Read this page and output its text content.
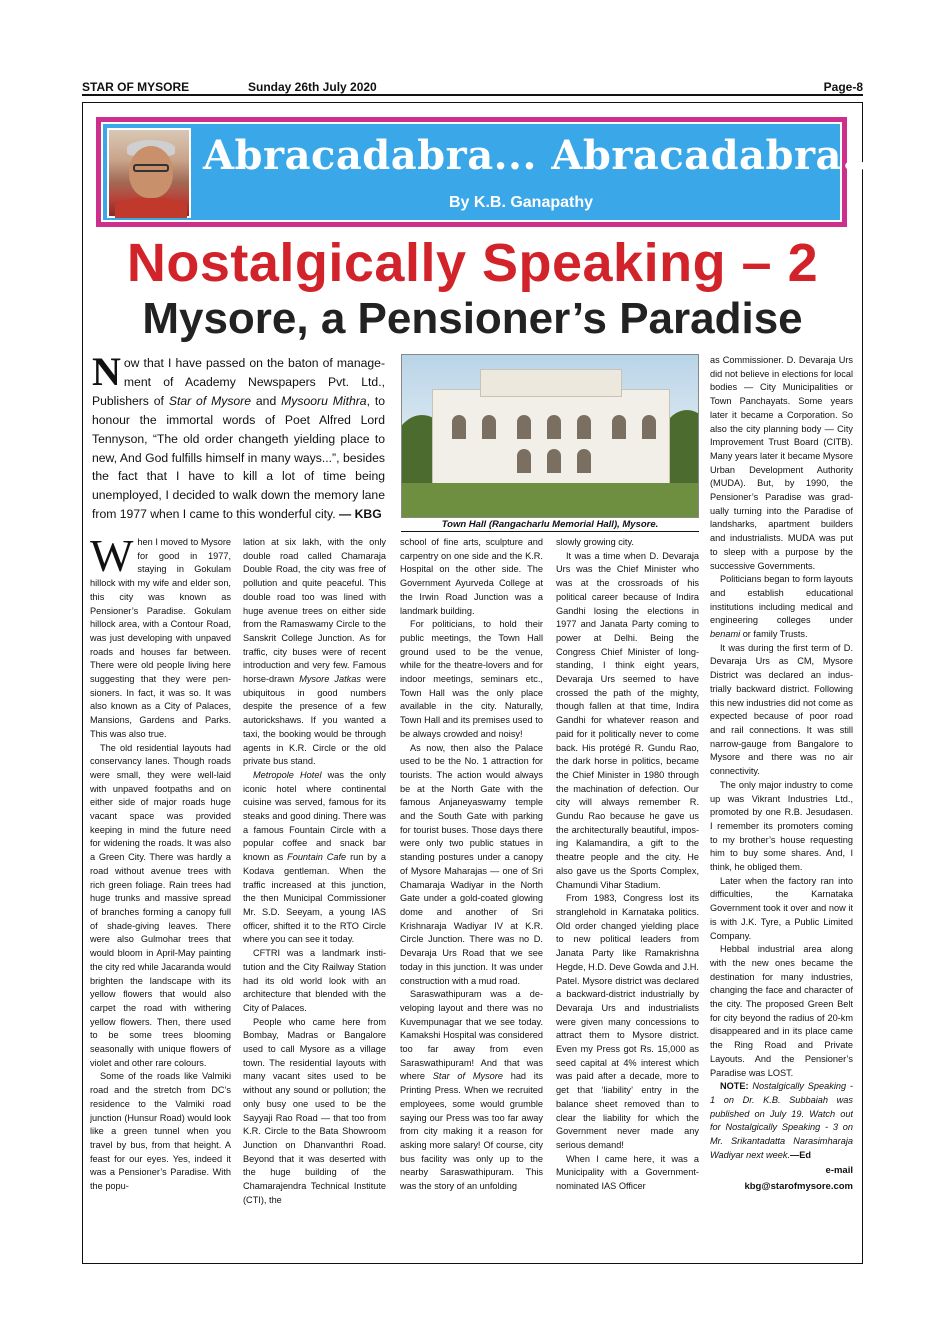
STAR OF MYSORE	Sunday 26th July 2020	Page-8
Abracadabra... Abracadabra...
By K.B. Ganapathy
Nostalgically Speaking – 2
Mysore, a Pensioner’s Paradise
Now that I have passed on the baton of management of Academy Newspapers Pvt. Ltd., Publishers of Star of Mysore and Mysooru Mithra, to honour the immortal words of Poet Alfred Lord Tennyson, “The old order changeth yielding place to new, And God fulfills himself in many ways...”, besides the fact that I have to kill a lot of time being unemployed, I decided to walk down the memory lane from 1977 when I came to this wonderful city. — KBG
Town Hall (Rangacharlu Memorial Hall), Mysore.

When I moved to Mysore for good in 1977, staying in Gokulam hillock with my wife and elder son, this city was known as Pensioner’s Paradise. Gokulam hillock area, with a Contour Road, was just developing with unpaved roads and houses far between. There were old people living here suggesting that they were pensioners. In fact, it was so. It was also known as a City of Palaces, Mansions, Gardens and Parks. This was also true.

The old residential layouts had conservancy lanes. Though roads were small, they were well-laid with unpaved footpaths and on either side of major roads huge vacant space was provided keeping in mind the future need for widening the roads. It was also a Green City. There was hardly a road without avenue trees with rich green foliage. Rain trees had huge trunks and massive spread of branches forming a canopy full of shade-giving leaves. There were also Gulmohar trees that would bloom in April-May painting the city red while Jacaranda would brighten the landscape with its yellow flowers that would also carpet the road with withering yellow flowers. Then, there used to be some trees blooming seasonally with unique flowers of violet and other rare colours.

Some of the roads like Valmiki road and the stretch from DC’s residence to the Valmiki road junction (Hunsur Road) would look like a green tunnel when you travel by bus, from that height. A feast for our eyes. Yes, indeed it was a Pensioner’s Paradise. With the popu-

lation at six lakh, with the only double road called Chamaraja Double Road, the city was free of pollution and quite peaceful. This double road too was lined with huge avenue trees on either side from the Ramaswamy Circle to the Sanskrit College Junction. As for traffic, city buses were of recent introduction and very few. Famous horse-drawn Mysore Jatkas were ubiquitous in good numbers despite the presence of a few autorickshaws. If you wanted a taxi, the booking would be through agents in K.R. Circle or the old private bus stand.

Metropole Hotel was the only iconic hotel where continental cuisine was served, famous for its steaks and good dining. There was a famous Fountain Circle with a popular coffee and snack bar known as Fountain Cafe run by a Kodava gentleman. When the traffic increased at this junction, the then Municipal Commissioner Mr. S.D. Seeyam, a young IAS officer, shifted it to the RTO Circle where you can see it today.

CFTRI was a landmark institution and the City Railway Station had its old world look with an architecture that blended with the City of Palaces.

People who came here from Bombay, Madras or Bangalore used to call Mysore as a village town. The residential layouts with many vacant sites used to be without any sound or pollution; the only busy one used to be the Sayyaji Rao Road — that too from K.R. Circle to the Bata Showroom Junction on Dhanvanthri Road. Beyond that it was deserted with the huge building of the Chamarajendra Technical Institute (CTI), the

school of fine arts, sculpture and carpentry on one side and the K.R. Hospital on the other side. The Government Ayurveda College at the Irwin Road Junction was a landmark building.

For politicians, to hold their public meetings, the Town Hall ground used to be the venue, while for the theatre-lovers and for indoor meetings, seminars etc., Town Hall was the only place available in the city. Naturally, Town Hall and its premises used to be always crowded and noisy!

As now, then also the Palace used to be the No. 1 attraction for tourists. The action would always be at the North Gate with the famous Anjaneyaswamy temple and the South Gate with parking for tourist buses. Those days there were only two public statues in standing postures under a canopy of Mysore Maharajas — one of Sri Chamaraja Wadiyar in the North Gate under a gold-coated glowing dome and another of Sri Krishnaraja Wadiyar IV at K.R. Circle Junction. There was no D. Devaraja Urs Road that we see today in this junction. It was under construction with a mud road.

Saraswathipuram was a developing layout and there was no Kuvempunagar that we see today. Kamakshi Hospital was considered too far away from even Saraswathipuram! And that was where Star of Mysore had its Printing Press. When we recruited employees, some would grumble saying our Press was too far away from city making it a reason for asking more salary! Of course, city bus facility was only up to the nearby Saraswathipuram. This was the story of an unfolding

slowly growing city.

It was a time when D. Devaraja Urs was the Chief Minister who was at the crossroads of his political career because of Indira Gandhi losing the elections in 1977 and Janata Party coming to power at Delhi. Being the Congress Chief Minister of long-standing, I think eight years, Devaraja Urs seemed to have crossed the path of the mighty, though fallen at that time, Indira Gandhi for whatever reason and paid for it politically never to come back. His protégé R. Gundu Rao, the dark horse in politics, became the Chief Minister in 1980 through the machination of defection. Our city will always remember R. Gundu Rao because he gave us the architecturally beautiful, imposing Kalamandira, a gift to the theatre people and the city. He also gave us the Sports Complex, Chamundi Vihar Stadium.

From 1983, Congress lost its stranglehold in Karnataka politics. Old order changed yielding place to new political leaders from Janata Party like Ramakrishna Hegde, H.D. Deve Gowda and J.H. Patel. Mysore district was declared a backward-district industrially by Devaraja Urs and industrialists were given many concessions to attract them to Mysore district. Even my Press got Rs. 15,000 as seed capital at 4% interest which was paid after a decade, more to get that ‘liability’ entry in the balance sheet removed than to clear the liability for which the Government never made any serious demand!

When I came here, it was a Municipality with a Government-nominated IAS Officer

as Commissioner. D. Devaraja Urs did not believe in elections for local bodies — City Municipalities or Town Panchayats. Some years later it became a Corporation. So also the city planning body — City Improvement Trust Board (CITB). Many years later it became Mysore Urban Development Authority (MUDA). But, by 1990, the Pensioner’s Paradise was gradually turning into the Paradise of landsharks, apartment builders and industrialists. MUDA was put to sleep with a purpose by the successive Governments.

Politicians began to form layouts and establish educational institutions including medical and engineering colleges under benami or family Trusts.

It was during the first term of D. Devaraja Urs as CM, Mysore District was declared an industrially backward district. Following this new industries did not come as expected because of poor road and rail connections. It was still narrow-gauge from Bangalore to Mysore and there was no air connectivity.

The only major industry to come up was Vikrant Industries Ltd., promoted by one R.B. Jesudasen. I remember its promoters coming to my brother’s house requesting him to buy some shares. And, I think, he obliged them.

Later when the factory ran into difficulties, the Karnataka Government took it over and now it is with J.K. Tyre, a Public Limited Company.

Hebbal industrial area along with the new ones became the destination for many industries, changing the face and character of the city. The proposed Green Belt for city beyond the radius of 20-km disappeared and in its place came the Ring Road and Private Layouts. And the Pensioner’s Paradise was LOST.

NOTE: Nostalgically Speaking - 1 on Dr. K.B. Subbaiah was published on July 19. Watch out for Nostalgically Speaking - 3 on Mr. Srikantadatta Narasimharaja Wadiyar next week.—Ed

e-mail
kbg@starofmysore.com
